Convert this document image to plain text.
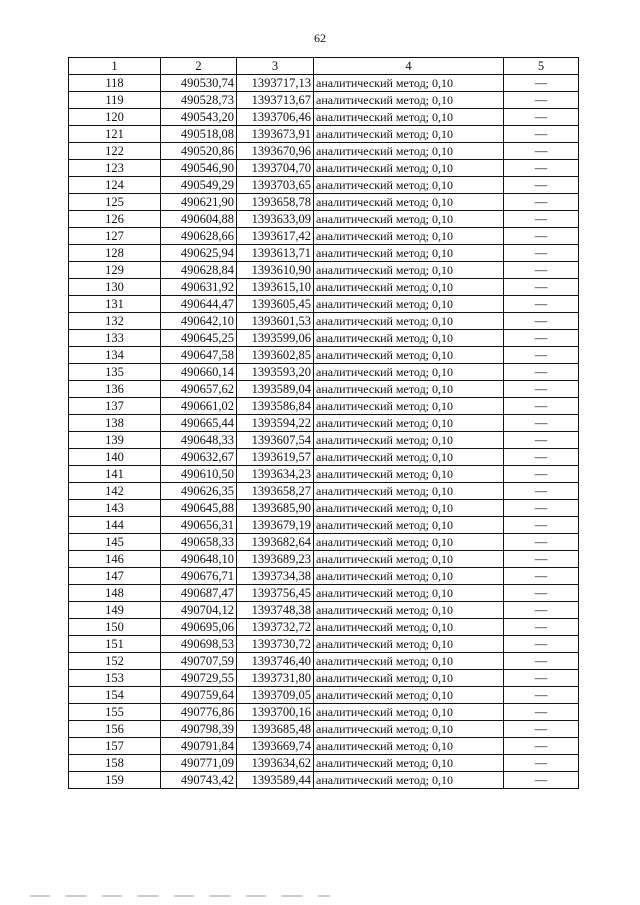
62
1	2	3	4	5
118	490530,74	1393717,13	аналитический метод; 0,10	—
119	490528,73	1393713,67	аналитический метод; 0,10	—
120	490543,20	1393706,46	аналитический метод; 0,10	—
121	490518,08	1393673,91	аналитический метод; 0,10	—
122	490520,86	1393670,96	аналитический метод; 0,10	—
123	490546,90	1393704,70	аналитический метод; 0,10	—
124	490549,29	1393703,65	аналитический метод; 0,10	—
125	490621,90	1393658,78	аналитический метод; 0,10	—
126	490604,88	1393633,09	аналитический метод; 0,10	—
127	490628,66	1393617,42	аналитический метод; 0,10	—
128	490625,94	1393613,71	аналитический метод; 0,10	—
129	490628,84	1393610,90	аналитический метод; 0,10	—
130	490631,92	1393615,10	аналитический метод; 0,10	—
131	490644,47	1393605,45	аналитический метод; 0,10	—
132	490642,10	1393601,53	аналитический метод; 0,10	—
133	490645,25	1393599,06	аналитический метод; 0,10	—
134	490647,58	1393602,85	аналитический метод; 0,10	—
135	490660,14	1393593,20	аналитический метод; 0,10	—
136	490657,62	1393589,04	аналитический метод; 0,10	—
137	490661,02	1393586,84	аналитический метод; 0,10	—
138	490665,44	1393594,22	аналитический метод; 0,10	—
139	490648,33	1393607,54	аналитический метод; 0,10	—
140	490632,67	1393619,57	аналитический метод; 0,10	—
141	490610,50	1393634,23	аналитический метод; 0,10	—
142	490626,35	1393658,27	аналитический метод; 0,10	—
143	490645,88	1393685,90	аналитический метод; 0,10	—
144	490656,31	1393679,19	аналитический метод; 0,10	—
145	490658,33	1393682,64	аналитический метод; 0,10	—
146	490648,10	1393689,23	аналитический метод; 0,10	—
147	490676,71	1393734,38	аналитический метод; 0,10	—
148	490687,47	1393756,45	аналитический метод; 0,10	—
149	490704,12	1393748,38	аналитический метод; 0,10	—
150	490695,06	1393732,72	аналитический метод; 0,10	—
151	490698,53	1393730,72	аналитический метод; 0,10	—
152	490707,59	1393746,40	аналитический метод; 0,10	—
153	490729,55	1393731,80	аналитический метод; 0,10	—
154	490759,64	1393709,05	аналитический метод; 0,10	—
155	490776,86	1393700,16	аналитический метод; 0,10	—
156	490798,39	1393685,48	аналитический метод; 0,10	—
157	490791,84	1393669,74	аналитический метод; 0,10	—
158	490771,09	1393634,62	аналитический метод; 0,10	—
159	490743,42	1393589,44	аналитический метод; 0,10	—
